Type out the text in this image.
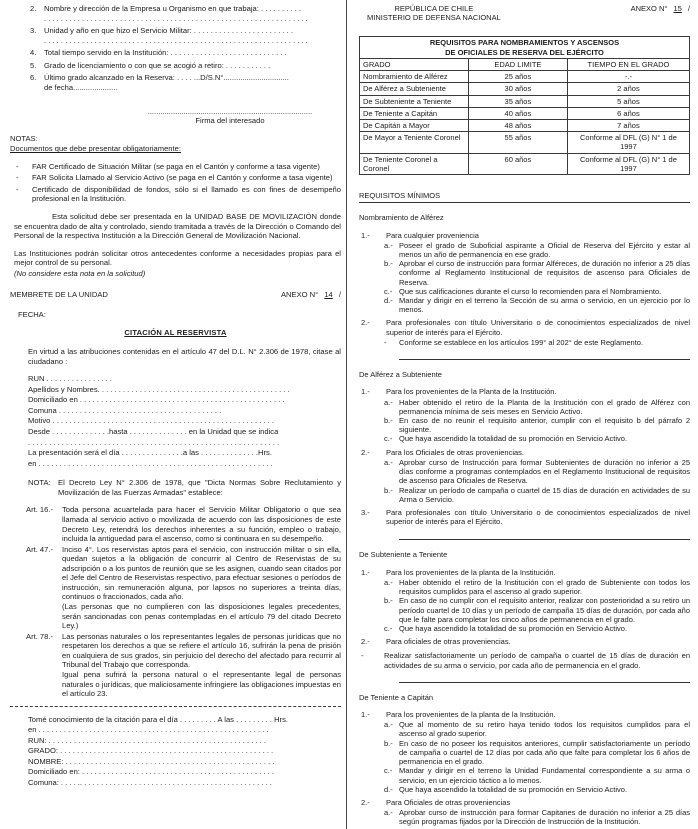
2.	Nombre y dirección de la Empresa u Organismo en que trabaja: . . . . . . . . . .
. . . . . . . . . . . . . . . . . . . . . . . . . . . . . . . . . . . . . . . . . . . . . . . . . . . . . . . . . . . . . . .
3.	Unidad y año en que hizo el Servicio Militar: . . . . . . . . . . . . . . . . . . . . . . . .
. . . . . . . . . . . . . . . . . . . . . . . . . . . . . . . . . . . . . . . . . . . . . . . . . . . . . . . . . . . . . . .
4.	Total tiempo servido en la Institución: . . . . . . . . . . . . . . . . . . . . . . . . . . . .
5.	Grado de licenciamiento o con que se acogió a retiro: . . . . . . . . . . .
6.	Último grado alcanzado en la Reserva: . . . . ...D/S.N°...............................
de fecha.....................
..............................................................................
Firma del interesado
NOTAS:
Documentos que debe presentar obligatoriamente:
-	FAR Certificado de Situación Militar (se paga en el Cantón y conforme a tasa vigente)
-	FAR Solicita Llamado al Servicio Activo (se paga en el Cantón y conforme a tasa vigente)
-	Certificado de disponibilidad de fondos, sólo si el llamado es con fines de desempeño profesional en la Institución.
Esta solicitud debe ser presentada en la UNIDAD BASE DE MOVILIZACIÓN donde se encuentra dado de alta y controlado, siendo tramitada a través de la Dirección o Comando del Personal de la respectiva Institución a la Dirección General de Movilización Nacional.
Las Instituciones podrán solicitar otros antecedentes conforme a necesidades propias para el mejor control de su personal.
(No considere esta nota en la solicitud)
MEMBRETE DE LA UNIDAD	ANEXO N° 14 /
FECHA:
CITACIÓN AL RESERVISTA
En virtud a las atribuciones contenidas en el artículo 47 del D.L. N° 2.306 de 1978, citase al ciudadano :
RUN . . . . . . . . . . . . . . . .
Apellidos y Nombres. . . . . . . . . . . . . . . . . . . . . . . . . . . . . . . . . . . . . . . . . . . . . .
Domiciliado en . . . . . . . . . . . . . . . . . . . . . . . . . . . . . . . . . . . . . . . . . . . . . . . . .
Comuna . . . . . . . . . . . . . . . . . . . . . . . . . . . . . . . . . . . . . . .
Motivo . . . . . . . . . . . . . . . . . . . . . . . . . . . . . . . . . . . . . . . . . . . . . . . . . . . . .
Desde . . . . . . . . . . . . . .hasta . . . . . . . . . . . . . . en la Unidad que se indica
. . . . . . . . . . . . . . . . . . . . . . . . . . . . . . . . . . . . . . . . . . . . . . . . . . . . . . . . . . . .
La presentación será el día . . . . . . . . . . . . . . .a las . . . . . . . . . . . . . .Hrs.
en . . . . . . . . . . . . . . . . . . . . . . . . . . . . . . . . . . . . . . . . . . . . . . . . . . . . . . . .
NOTA: El Decreto Ley N° 2.306 de 1978, que "Dicta Normas Sobre Reclutamiento y Movilización de las Fuerzas Armadas" establece:
Art. 16.- Toda persona acuartelada para hacer el Servicio Militar Obligatorio o que sea llamada al servicio activo o movilizada de acuerdo con las disposiciones de este Decreto Ley, retendrá los derechos inherentes a su función, empleo o trabajo, incluida la antiguedad para el ascenso, como si continuara en su desempeño.
Art. 47.- Inciso 4°. Los reservistas aptos para el servicio, con instrucción militar o sin ella, quedan sujetos a la obligación de concurrir al Centro de Reservistas de su adscripción o a los puntos de reunión que se les asignen, cuando sean citados por el Jefe del Centro de Reservistas respectivo, para efectuar sesiones o períodos de instrucción, sin remuneración alguna, por lapsos no superiores a treinta días, continuos o fraccionados, cada año.
(Las personas que no cumplieren con las disposiciones legales precedentes, serán sancionadas con penas contempladas en el artículo 79 del citado Decreto Ley.)
Art. 78.- Las personas naturales o los representantes legales de personas jurídicas que no respetaren los derechos a que se refiere el artículo 16, sufrirán la pena de prisión en cualquiera de sus grados, sin perjuicio del derecho del afectado para recurrir al Tribunal del Trabajo que corresponda.
Igual pena sufrirá la persona natural o el representante legal de personas naturales o jurídicas, que maliciosamente infringiere las obligaciones impuestas en el artículo 23.
Tomé conocimiento de la citación para el día . . . . . . . . . A las . . . . . . . . . Hrs.
en . . . . . . . . . . . . . . . . . . . . . . . . . . . . . . . . . . . . . . . . . . . . . . . . . . . . . . .
RUN: . . . . . . . . . . . . . . . . . . . . . . . . . . . . . . . . . . . . . . . . . . . . . . . . . . . .
GRADO: . . . . . . . . . . . . . . . . . . . . . . . . . . . . . . . . . . . . . . . . . . . . . . . . . . .
NOMBRE: . . . . . . . . . . . . . . . . . . . . . . . . . . . . . . . . . . . . . . . . . . . . . . . . . .
Domiciliado en: . . . . . . . . . . . . . . . . . . . . . . . . . . . . . . . . . . . . . . . . . . . . . .
Comuna: . . . . .. . . . . . . . . . . . . . . . . . . . . . . . . . . . . . . . . . . . . . . . . . . . . .
REPÚBLICA DE CHILE
MINISTERIO DE DEFENSA NACIONAL
ANEXO N° 15 /
REQUISITOS PARA NOMBRAMIENTOS Y ASCENSOS
DE OFICIALES DE RESERVA DEL EJÉRCITO		

GRADO	EDAD LIMITE	TIEMPO EN EL GRADO
Nombramiento de Alférez	25 años	-.-
De Alférez a Subteniente	30 años	2 años
De Subteniente a Teniente	35 años	5 años
De Teniente a Capitán	40 años	6 años
De Capitán a Mayor	48 años	7 años
De Mayor a Teniente Coronel	55 años	Conforme al DFL (G) N° 1 de 1997
De Teniente Coronel a Coronel	60 años	Conforme al DFL (G) N° 1 de 1997
REQUISITOS MÍNIMOS
Nombramiento de Alférez
1.-	Para cualquier proveniencia
a.- Poseer el grado de Suboficial aspirante a Oficial de Reserva del Ejército y estar al menos un año de permanencia en ese grado.
b.- Aprobar el curso de instrucción para formar Alféreces, de duración no inferior a 25 días conforme al Reglamento Institucional de requisitos de ascenso para Oficiales de Reserva.
c.- Que sus calificaciones durante el curso lo recomienden para el Nombramiento.
d.- Mandar y dirigir en el terreno la Sección de su arma o servicio, en un ejercicio por lo menos.
2.-	Para profesionales con título Universitario o de conocimientos especializados de nivel superior de interés para el Ejército.
-	Conforme se establece en los artículos 199° al 202° de este Reglamento.
De Alférez a Subteniente
1.-	Para los provenientes de la Planta de la Institución.
a.- Haber obtenido el retiro de la Planta de la Institución con el grado de Alférez con permanencia mínima de seis meses en Servicio Activo.
b.- En caso de no reunir el requisito anterior, cumplir con el requisito b del párrafo 2 siguiente.
c.- Que haya ascendido la totalidad de su promoción en Servicio Activo.
2.-	Para los Oficiales de otras proveniencias.
a.- Aprobar curso de Instrucción para formar Subtenientes de duración no inferior a 25 días conforme a programas contemplados en el Reglamento Institucional de requisitos de ascenso para Oficiales de Reserva.
b.- Realizar un período de campaña o cuartel de 15 días de duración en actividades de su Arma o Servicio.
3.-	Para profesionales con título Universitario o de conocimientos especializados de nivel superior de interés para el Ejército.
De Subteniente a Teniente
1.-	Para los provenientes de la planta de la Institución.
a.- Haber obtenido el retiro de la Institución con el grado de Subteniente con todos los requisitos cumplidos para el ascenso al grado superior.
b.- En caso de no cumplir con el requisito anterior, realizar con posterioridad a su retiro un período cuartel de 10 días y un período de campaña 15 días de duración, por cada año que le falte para completar los cinco años de permanencia en el grado.
c.- Que haya ascendido la totalidad de su promoción en Servicio Activo.
2.-	Para oficiales de otras proveniencias.
-	Realizar satisfactoriamente un período de campaña o cuartel de 15 días de duración en actividades de su arma o servicio, por cada año de permanencia en el grado.
De Teniente a Capitán
1.-	Para los provenientes de la planta de la Institución.
a.- Que al momento de su retiro haya tenido todos los requisitos cumplidos para el ascenso al grado superior.
b.- En caso de no poseer los requisitos anteriores, cumplir satisfactoriamente un período de campaña o cuartel de 12 días por cada año que falte para completar los 6 años de permanencia en el grado.
c.- Mandar y dirigir en el terreno la Unidad Fundamental correspondiente a su arma o servicio, en un ejercicio táctico a lo menos.
d.- Que haya ascendido la totalidad de su promoción en Servicio Activo.
2.-	Para Oficiales de otras proveniencias
a.- Aprobar curso de instrucción para formar Capitanes de duración no inferior a 25 días según programas fijados por la Dirección de Instrucción de la Institución.
